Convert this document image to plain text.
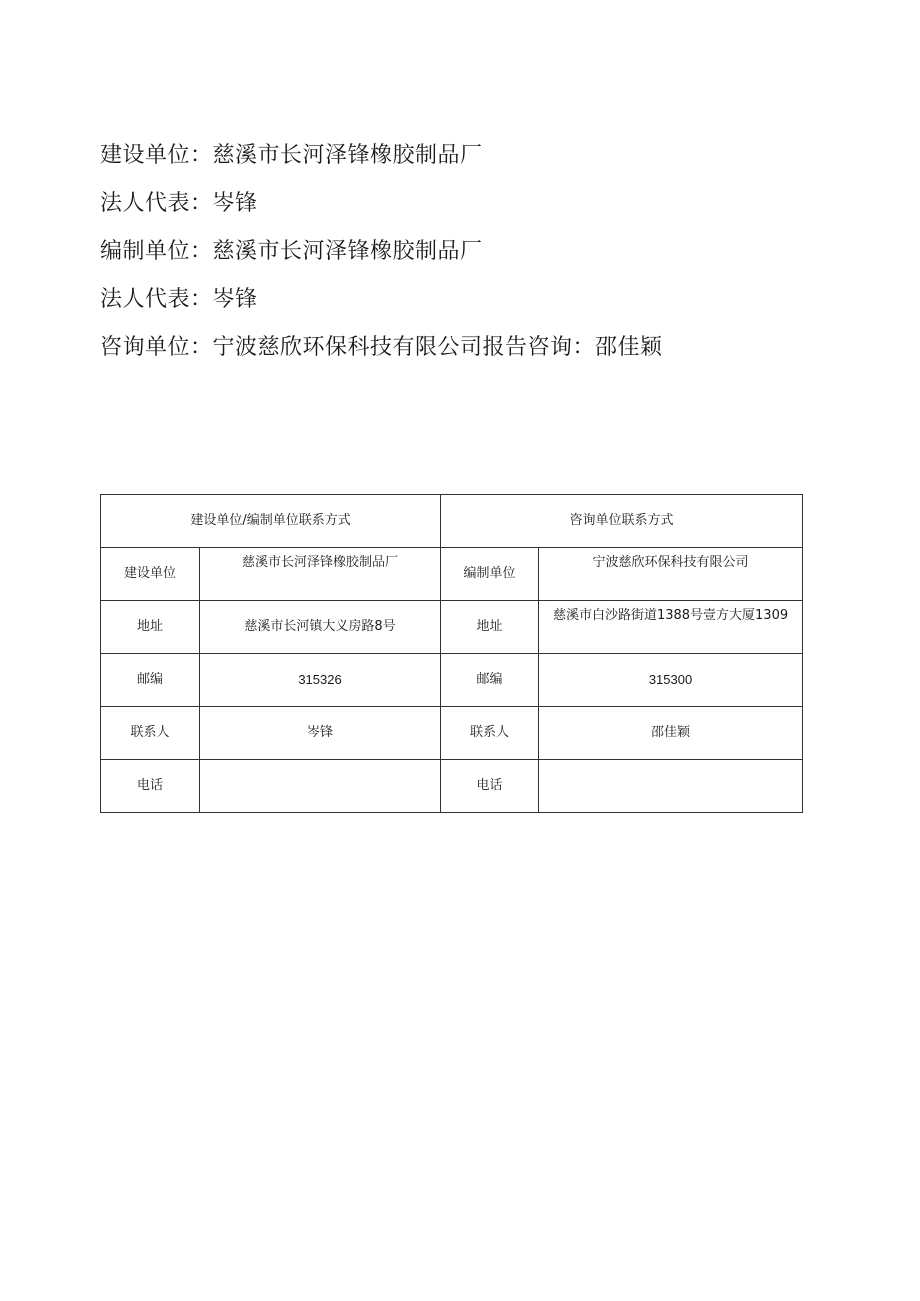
建设单位：慈溪市长河泽锋橡胶制品厂
法人代表：岑锋
编制单位：慈溪市长河泽锋橡胶制品厂
法人代表：岑锋
咨询单位：宁波慈欣环保科技有限公司报告咨询：邵佳颖
建设单位/编制单位联系方式		咨询单位联系方式	
建设单位	慈溪市长河泽锋橡胶制品厂	编制单位	宁波慈欣环保科技有限公司
地址	慈溪市长河镇大义房路8号	地址	慈溪市白沙路街道1388号壹方大厦1309
邮编	315326	邮编	315300
联系人	岑锋	联系人	邵佳颖
电话		电话	
